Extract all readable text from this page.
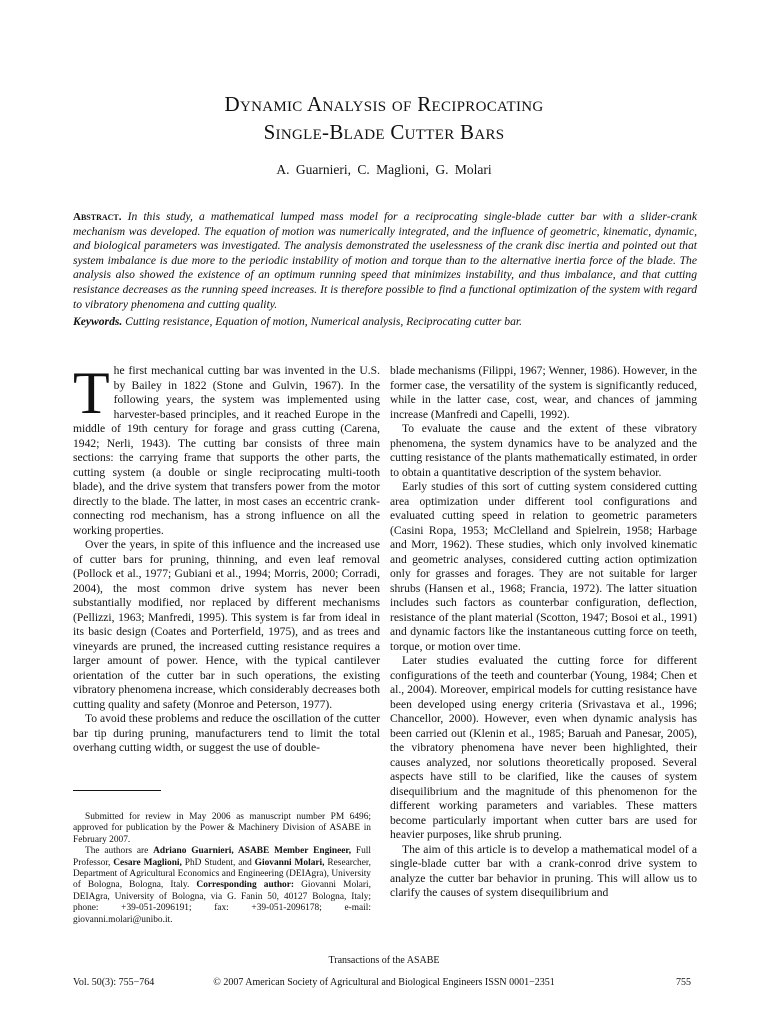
Dynamic Analysis of Reciprocating
Single-Blade Cutter Bars
A. Guarnieri, C. Maglioni, G. Molari

Abstract. In this study, a mathematical lumped mass model for a reciprocating single-blade cutter bar with a slider-crank mechanism was developed. The equation of motion was numerically integrated, and the influence of geometric, kinematic, dynamic, and biological parameters was investigated. The analysis demonstrated the uselessness of the crank disc inertia and pointed out that system imbalance is due more to the periodic instability of motion and torque than to the alternative inertia force of the blade. The analysis also showed the existence of an optimum running speed that minimizes instability, and thus imbalance, and that cutting resistance decreases as the running speed increases. It is therefore possible to find a functional optimization of the system with regard to vibratory phenomena and cutting quality.

Keywords. Cutting resistance, Equation of motion, Numerical analysis, Reciprocating cutter bar.

The first mechanical cutting bar was invented in the U.S. by Bailey in 1822 (Stone and Gulvin, 1967). In the following years, the system was implemented using harvester-based principles, and it reached Europe in the middle of 19th century for forage and grass cutting (Carena, 1942; Nerli, 1943). The cutting bar consists of three main sections: the carrying frame that supports the other parts, the cutting system (a double or single reciprocating multi-tooth blade), and the drive system that transfers power from the motor directly to the blade. The latter, in most cases an eccentric crank-connecting rod mechanism, has a strong influence on all the working properties.

Over the years, in spite of this influence and the increased use of cutter bars for pruning, thinning, and even leaf removal (Pollock et al., 1977; Gubiani et al., 1994; Morris, 2000; Corradi, 2004), the most common drive system has never been substantially modified, nor replaced by different mechanisms (Pellizzi, 1963; Manfredi, 1995). This system is far from ideal in its basic design (Coates and Porterfield, 1975), and as trees and vineyards are pruned, the increased cutting resistance requires a larger amount of power. Hence, with the typical cantilever orientation of the cutter bar in such operations, the existing vibratory phenomena increase, which considerably decreases both cutting quality and safety (Monroe and Peterson, 1977).

To avoid these problems and reduce the oscillation of the cutter bar tip during pruning, manufacturers tend to limit the total overhang cutting width, or suggest the use of double-

blade mechanisms (Filippi, 1967; Wenner, 1986). However, in the former case, the versatility of the system is significantly reduced, while in the latter case, cost, wear, and chances of jamming increase (Manfredi and Capelli, 1992).

To evaluate the cause and the extent of these vibratory phenomena, the system dynamics have to be analyzed and the cutting resistance of the plants mathematically estimated, in order to obtain a quantitative description of the system behavior.

Early studies of this sort of cutting system considered cutting area optimization under different tool configurations and evaluated cutting speed in relation to geometric parameters (Casini Ropa, 1953; McClelland and Spielrein, 1958; Harbage and Morr, 1962). These studies, which only involved kinematic and geometric analyses, considered cutting action optimization only for grasses and forages. They are not suitable for larger shrubs (Hansen et al., 1968; Francia, 1972). The latter situation includes such factors as counterbar configuration, deflection, resistance of the plant material (Scotton, 1947; Bosoi et al., 1991) and dynamic factors like the instantaneous cutting force on teeth, torque, or motion over time.

Later studies evaluated the cutting force for different configurations of the teeth and counterbar (Young, 1984; Chen et al., 2004). Moreover, empirical models for cutting resistance have been developed using energy criteria (Srivastava et al., 1996; Chancellor, 2000). However, even when dynamic analysis has been carried out (Klenin et al., 1985; Baruah and Panesar, 2005), the vibratory phenomena have never been highlighted, their causes analyzed, nor solutions theoretically proposed. Several aspects have still to be clarified, like the causes of system disequilibrium and the magnitude of this phenomenon for the different working parameters and variables. These matters become particularly important when cutter bars are used for heavier purposes, like shrub pruning.

The aim of this article is to develop a mathematical model of a single-blade cutter bar with a crank-conrod drive system to analyze the cutter bar behavior in pruning. This will allow us to clarify the causes of system disequilibrium and

Submitted for review in May 2006 as manuscript number PM 6496; approved for publication by the Power & Machinery Division of ASABE in February 2007.

The authors are Adriano Guarnieri, ASABE Member Engineer, Full Professor, Cesare Maglioni, PhD Student, and Giovanni Molari, Researcher, Department of Agricultural Economics and Engineering (DEIAgra), University of Bologna, Bologna, Italy. Corresponding author: Giovanni Molari, DEIAgra, University of Bologna, via G. Fanin 50, 40127 Bologna, Italy; phone: +39-051-2096191; fax: +39-051-2096178; e-mail: giovanni.molari@unibo.it.

Transactions of the ASABE
Vol. 50(3): 755−764	© 2007 American Society of Agricultural and Biological Engineers ISSN 0001−2351	755
